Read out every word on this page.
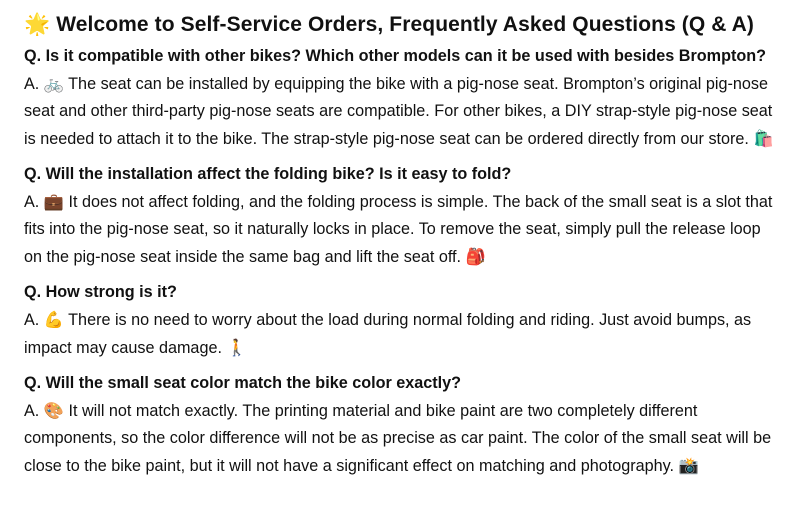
🌟 Welcome to Self-Service Orders, Frequently Asked Questions (Q & A)

Q. Is it compatible with other bikes? Which other models can it be used with besides Brompton?

A. 🚲 The seat can be installed by equipping the bike with a pig-nose seat. Brompton’s original pig-nose seat and other third-party pig-nose seats are compatible. For other bikes, a DIY strap-style pig-nose seat is needed to attach it to the bike. The strap-style pig-nose seat can be ordered directly from our store. 🛍️

Q. Will the installation affect the folding bike? Is it easy to fold?

A. 💼 It does not affect folding, and the folding process is simple. The back of the small seat is a slot that fits into the pig-nose seat, so it naturally locks in place. To remove the seat, simply pull the release loop on the pig-nose seat inside the same bag and lift the seat off. 🎒

Q. How strong is it?

A. 💪 There is no need to worry about the load during normal folding and riding. Just avoid bumps, as impact may cause damage. 🚶

Q. Will the small seat color match the bike color exactly?

A. 🎨 It will not match exactly. The printing material and bike paint are two completely different components, so the color difference will not be as precise as car paint. The color of the small seat will be close to the bike paint, but it will not have a significant effect on matching and photography. 📸
